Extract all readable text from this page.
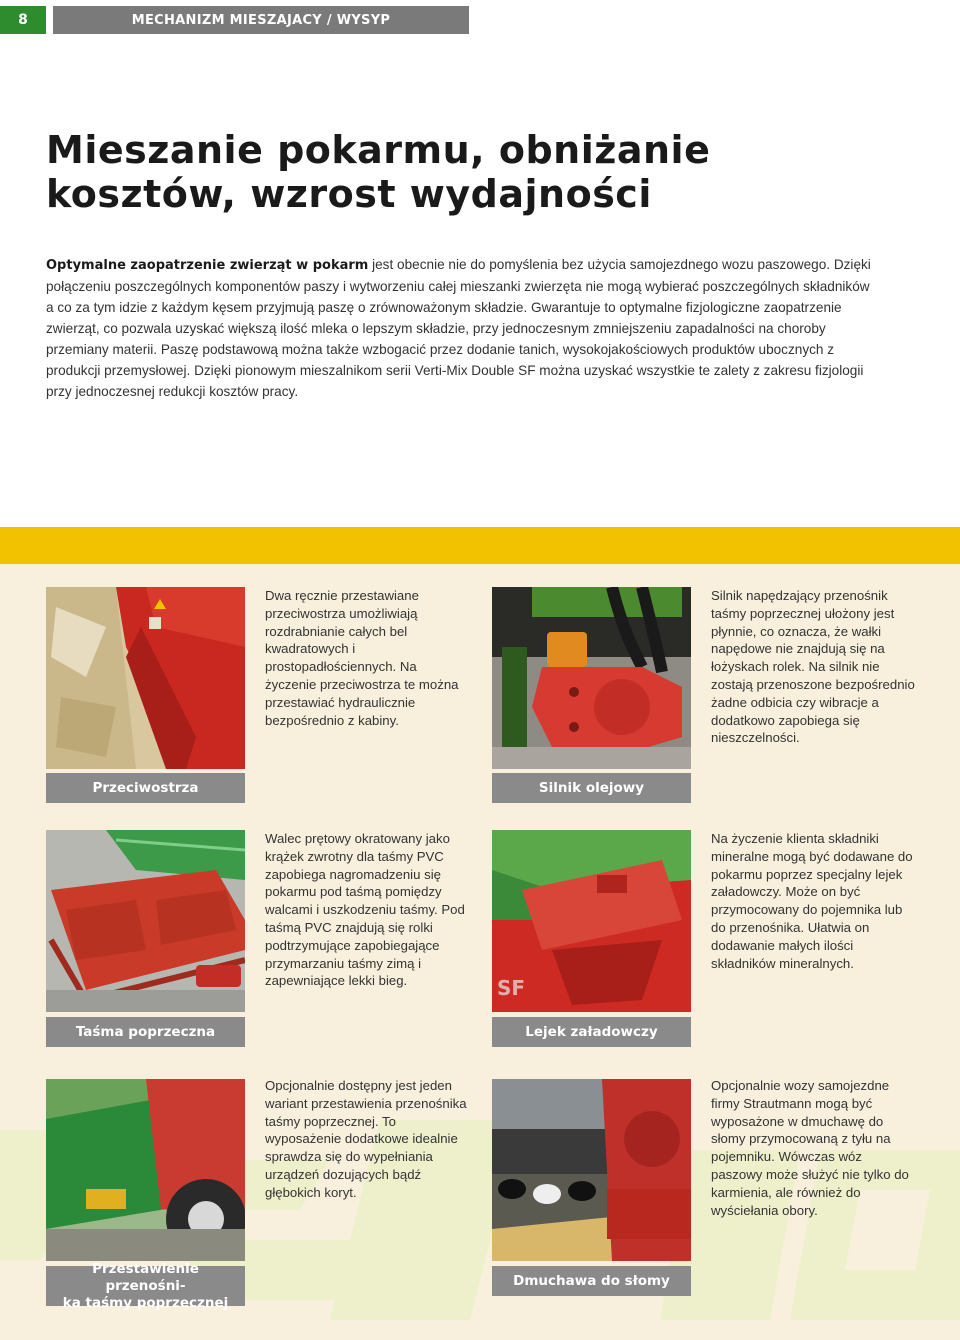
8	MECHANIZM MIESZAJACY / WYSYP
Mieszanie pokarmu, obniżanie
kosztów, wzrost wydajności

Optymalne zaopatrzenie zwierząt w pokarm jest obecnie nie do pomyślenia bez użycia samojezdnego wozu paszowego. Dzięki połączeniu poszczególnych komponentów paszy i wytworzeniu całej mieszanki zwierzęta nie mogą wybierać poszczególnych składników a co za tym idzie z każdym kęsem przyjmują paszę o zrównoważonym składzie. Gwarantuje to optymalne fizjologiczne zaopatrzenie zwierząt, co pozwala uzyskać większą ilość mleka o lepszym składzie, przy jednoczesnym zmniejszeniu zapadalności na choroby przemiany materii. Paszę podstawową można także wzbogacić przez dodanie tanich, wysokojakościowych produktów ubocznych z produkcji przemysłowej. Dzięki pionowym mieszalnikom serii Verti-Mix Double SF można uzyskać wszystkie te zalety z zakresu fizjologii przy jednoczesnej redukcji kosztów pracy.

Przeciwostrza

Dwa ręcznie przestawiane przeciwostrza umożliwiają rozdrabnianie całych bel kwadratowych i prostopadłościennych. Na życzenie przeciwostrza te można przestawiać hydraulicznie bezpośrednio z kabiny.

Silnik olejowy

Silnik napędzający przenośnik taśmy poprzecznej ułożony jest płynnie, co oznacza, że wałki napędowe nie znajdują się na łożyskach rolek. Na silnik nie zostają przenoszone bezpośrednio żadne odbicia czy wibracje a dodatkowo zapobiega się nieszczelności.

Taśma poprzeczna

Walec prętowy okratowany jako krążek zwrotny dla taśmy PVC zapobiega nagromadzeniu się pokarmu pod taśmą pomiędzy walcami i uszkodzeniu taśmy. Pod taśmą PVC znajdują się rolki podtrzymujące zapobiegające przymarzaniu taśmy zimą i zapewniające lekki bieg.	SF
Lejek załadowczy

Na życzenie klienta składniki mineralne mogą być dodawane do pokarmu poprzez specjalny lejek załadowczy. Może on być przymocowany do pojemnika lub do przenośnika. Ułatwia on dodawanie małych ilości składników mineralnych.

Przestawienie przenośni-
ka taśmy poprzecznej

Opcjonalnie dostępny jest jeden wariant przestawienia przenośnika taśmy poprzecznej. To wyposażenie dodatkowe idealnie sprawdza się do wypełniania urządzeń dozujących bądź głębokich koryt.

Dmuchawa do słomy

Opcjonalnie wozy samojezdne firmy Strautmann mogą być wyposażone w dmuchawę do słomy przymocowaną z tyłu na pojemniku. Wówczas wóz paszowy może służyć nie tylko do karmienia, ale również do wyściełania obory.
